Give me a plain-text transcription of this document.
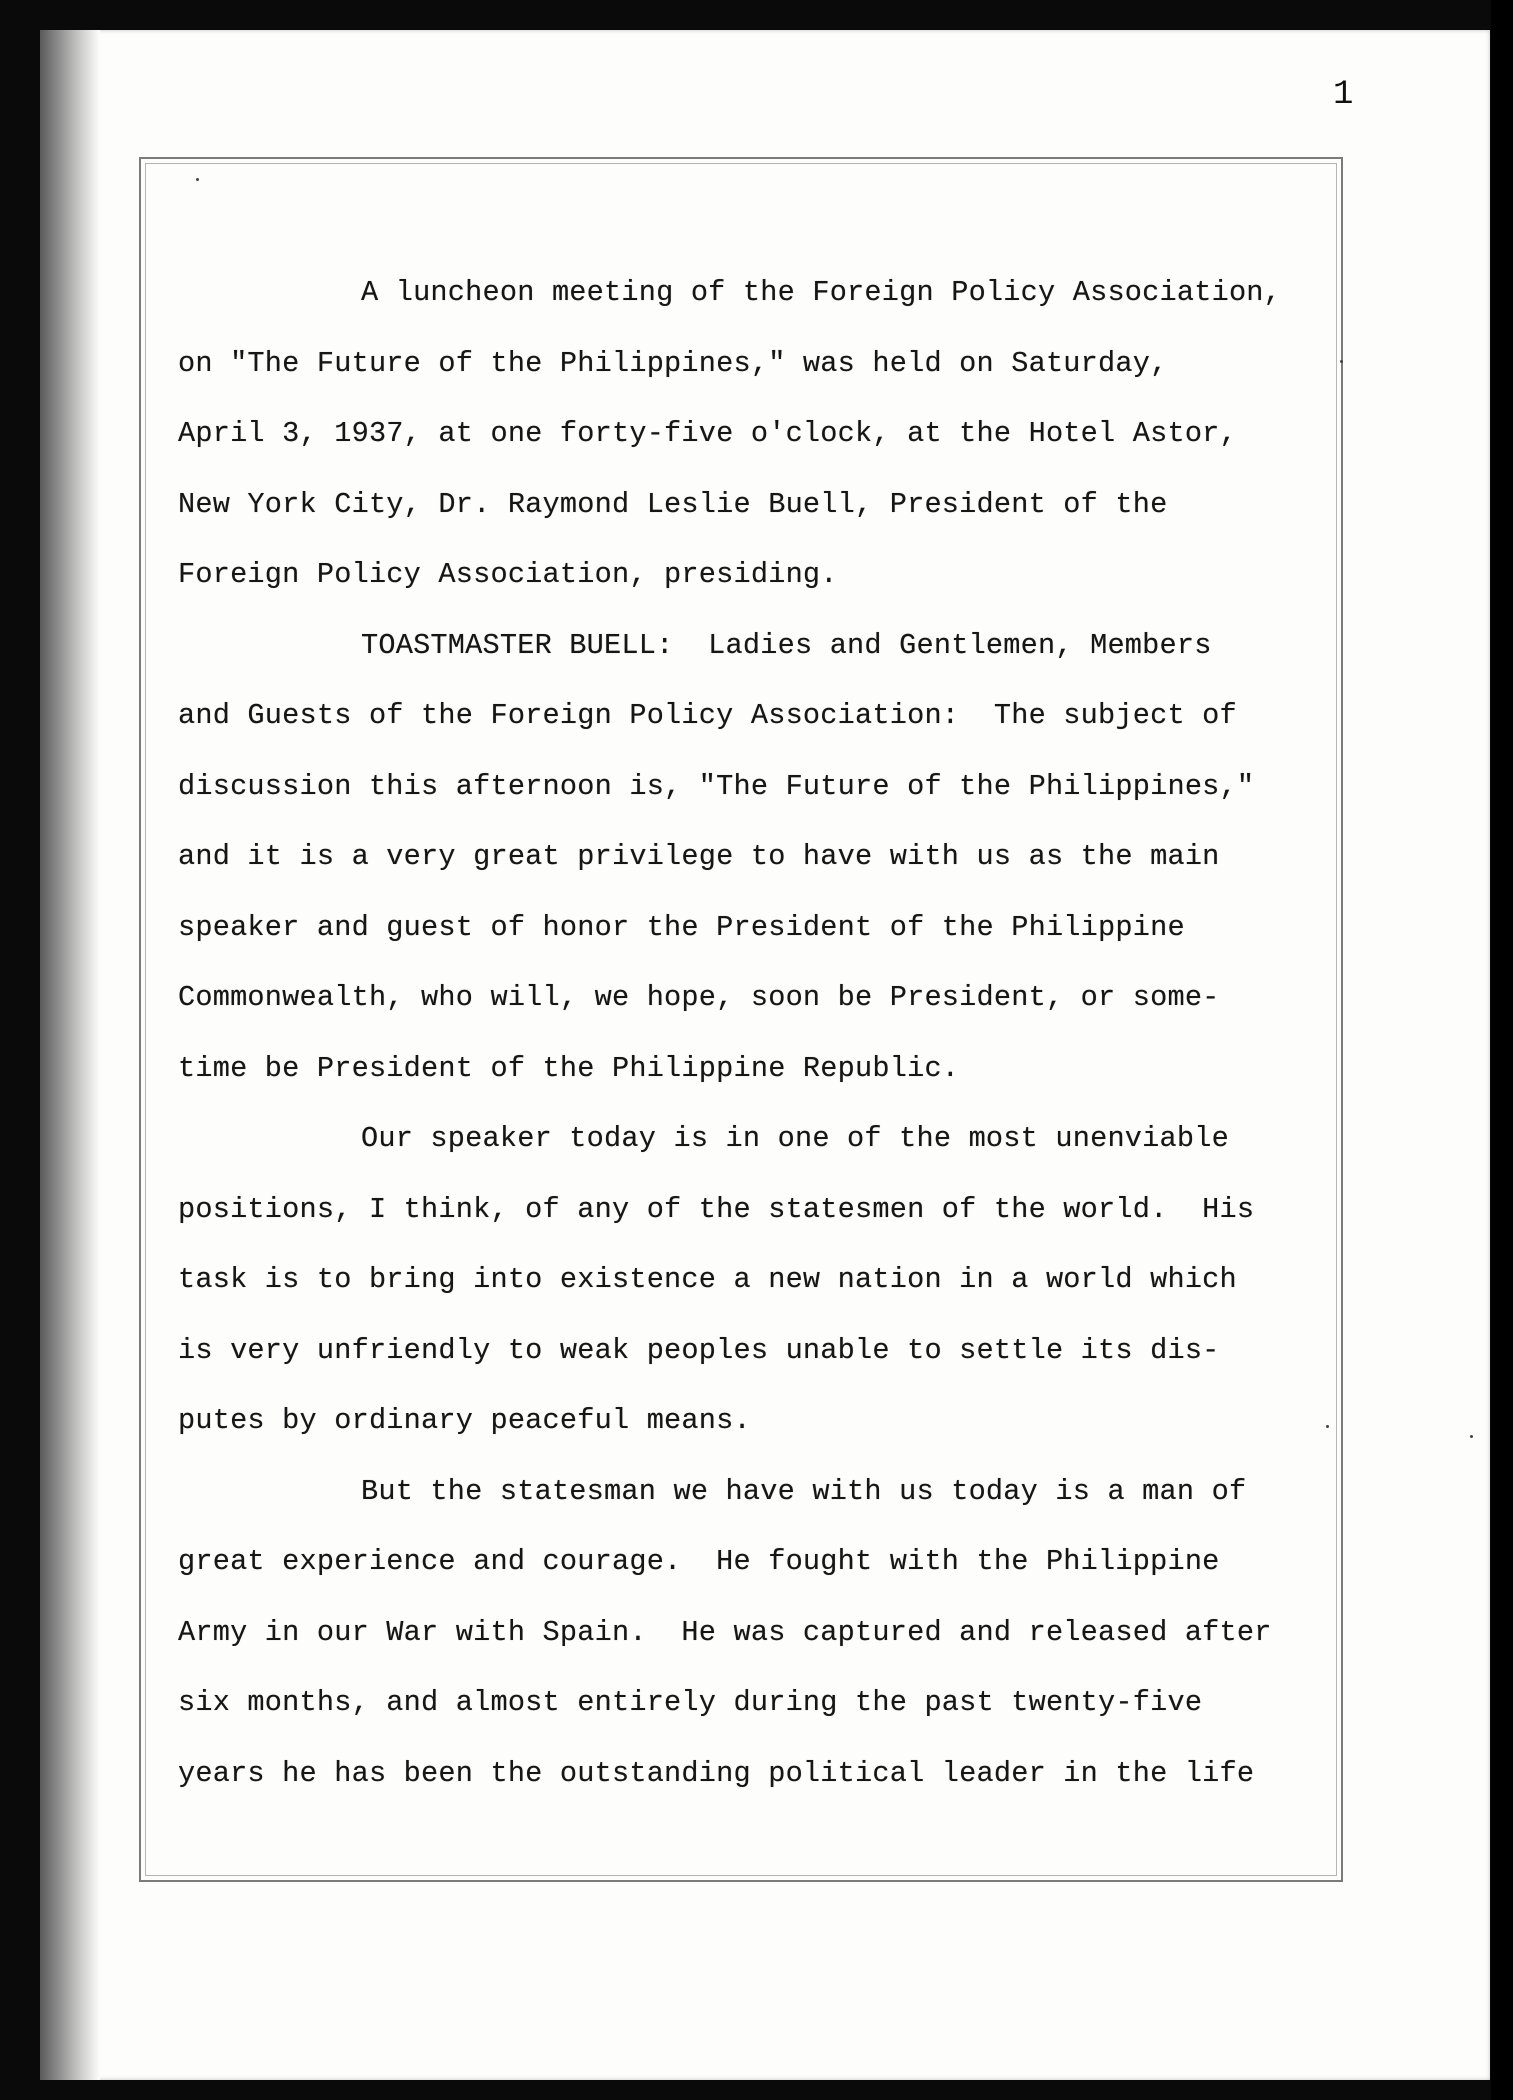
1
A luncheon meeting of the Foreign Policy Association,
on "The Future of the Philippines," was held on Saturday,
April 3, 1937, at one forty-five o'clock, at the Hotel Astor,
New York City, Dr. Raymond Leslie Buell, President of the
Foreign Policy Association, presiding.
TOASTMASTER BUELL:  Ladies and Gentlemen, Members
and Guests of the Foreign Policy Association:  The subject of
discussion this afternoon is, "The Future of the Philippines,"
and it is a very great privilege to have with us as the main
speaker and guest of honor the President of the Philippine
Commonwealth, who will, we hope, soon be President, or some-
time be President of the Philippine Republic.
Our speaker today is in one of the most unenviable
positions, I think, of any of the statesmen of the world.  His
task is to bring into existence a new nation in a world which
is very unfriendly to weak peoples unable to settle its dis-
putes by ordinary peaceful means.
But the statesman we have with us today is a man of
great experience and courage.  He fought with the Philippine
Army in our War with Spain.  He was captured and released after
six months, and almost entirely during the past twenty-five
years he has been the outstanding political leader in the life
